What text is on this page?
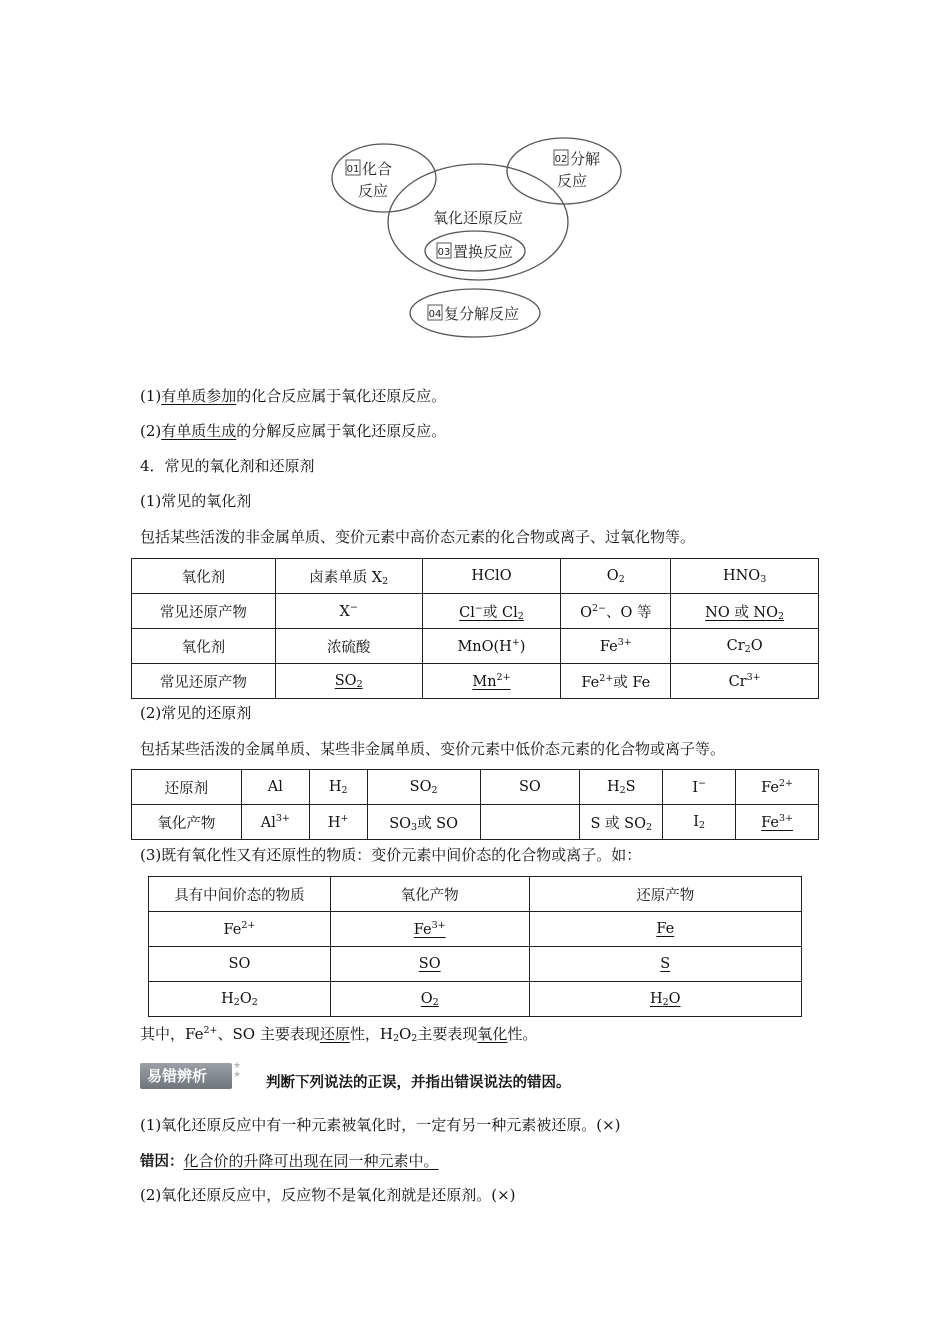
01 化合
反应
02 分解
反应
氧化还原反应
03 置换反应
04 复分解反应
(1)有单质参加的化合反应属于氧化还原反应。
(2)有单质生成的分解反应属于氧化还原反应。
4．常见的氧化剂和还原剂
(1)常见的氧化剂
包括某些活泼的非金属单质、变价元素中高价态元素的化合物或离子、过氧化物等。
氧化剂	卤素单质 $X_2$	HClO	$O_2$	$HNO_3$
常见还原产物	X−	Cl−或 $Cl_2$	$O^{2-}$、O 等	NO 或 $NO_2$
氧化剂	浓硫酸	MnO(H+)	$Fe^{3+}$	$Cr_2O$
常见还原产物	$SO_2$	$Mn^{2+}$	$Fe^{2+}$或 Fe	$Cr^{3+}$
(2)常见的还原剂
包括某些活泼的金属单质、某些非金属单质、变价元素中低价态元素的化合物或离子等。
还原剂	Al	$H_2$	$SO_2$	SO	$H_2S$	I−	$Fe^{2+}$
氧化产物	$Al^{3+}$	H+	$SO_3$或 SO		S 或 $SO_2$	$I_2$	$Fe^{3+}$
(3)既有氧化性又有还原性的物质：变价元素中间价态的化合物或离子。如：
具有中间价态的物质	氧化产物	还原产物
$Fe^{2+}$	$Fe^{3+}$	Fe
SO	SO	S
$H_2O_2$	$O_2$	$H_2O$
其中，$Fe^{2+}$、SO 主要表现还原性，$H_2O_2$主要表现氧化性。
易错辨析
★
★ 判断下列说法的正误，并指出错误说法的错因。
(1)氧化还原反应中有一种元素被氧化时，一定有另一种元素被还原。(×)
错因：化合价的升降可出现在同一种元素中。
(2)氧化还原反应中，反应物不是氧化剂就是还原剂。(×)
